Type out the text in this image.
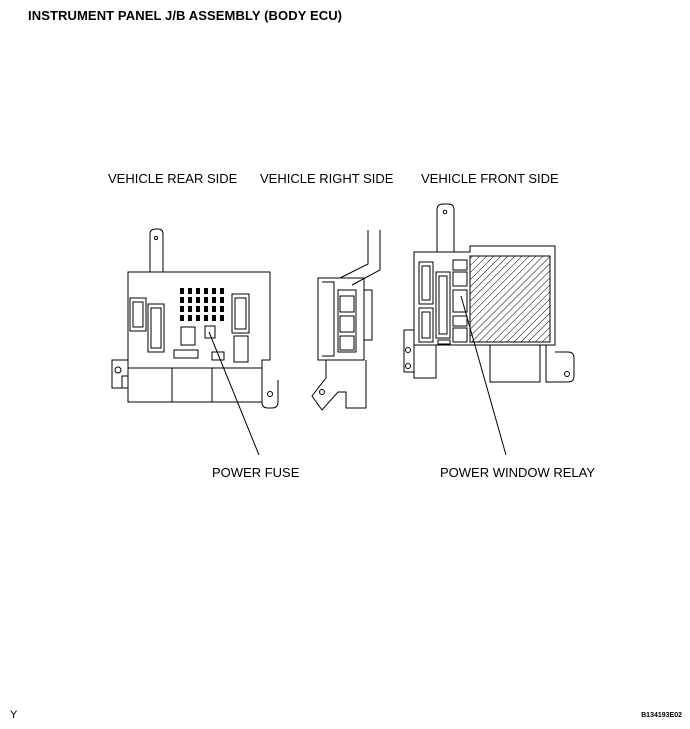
INSTRUMENT PANEL J/B ASSEMBLY (BODY ECU)
VEHICLE REAR SIDE VEHICLE RIGHT SIDE VEHICLE FRONT SIDE
POWER FUSE	POWER WINDOW RELAY
Y	B134193E02
